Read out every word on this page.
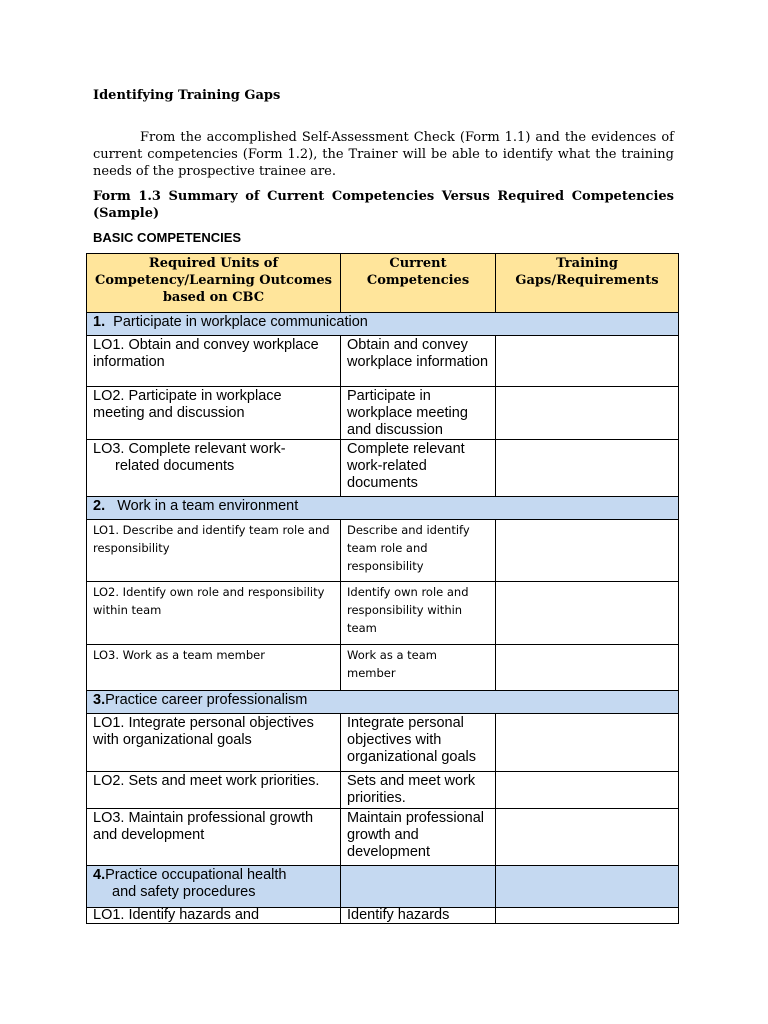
Identifying Training Gaps
From the accomplished Self-Assessment Check (Form 1.1) and the evidences of current competencies (Form 1.2), the Trainer will be able to identify what the training needs of the prospective trainee are.
Form 1.3 Summary of Current Competencies Versus Required Competencies (Sample)
BASIC COMPETENCIES
Required Units of Competency/Learning Outcomes based on CBC	Current Competencies	Training Gaps/Requirements
1. Participate in workplace communication		
LO1. Obtain and convey workplace information	Obtain and convey workplace information	
LO2. Participate in workplace meeting and discussion	Participate in workplace meeting and discussion	
LO3. Complete relevant work-
related documents	Complete relevant work-related documents	
2. Work in a team environment		
LO1. Describe and identify team role and responsibility	Describe and identify team role and responsibility	
LO2. Identify own role and responsibility within team	Identify own role and responsibility within team	
LO3. Work as a team member	Work as a team member	
3.Practice career professionalism		
LO1. Integrate personal objectives with organizational goals	Integrate personal objectives with organizational goals	
LO2. Sets and meet work priorities.	Sets and meet work priorities.	
LO3. Maintain professional growth and development	Maintain professional growth and development	
4.Practice occupational health
and safety procedures		

LO1. Identify hazards and	Identify hazards	
